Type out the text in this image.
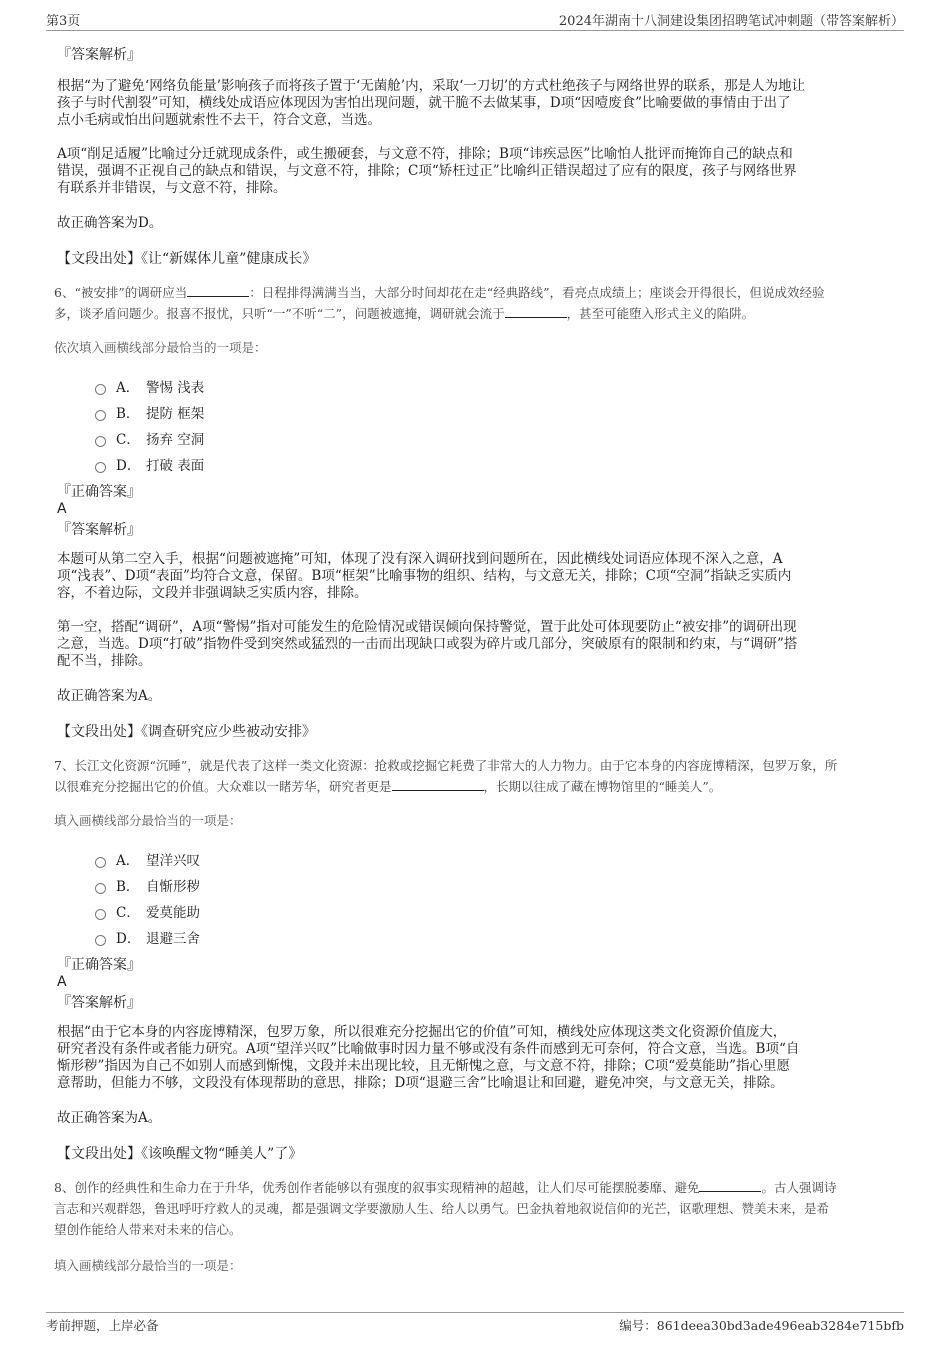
第3页	2024年湖南十八洞建设集团招聘笔试冲刺题（带答案解析）
『答案解析』
根据“为了避免‘网络负能量’影响孩子而将孩子置于‘无菌舱’内，采取‘一刀切’的方式杜绝孩子与网络世界的联系，那是人为地让
孩子与时代割裂”可知，横线处成语应体现因为害怕出现问题，就干脆不去做某事，D项“因噎废食”比喻要做的事情由于出了
点小毛病或怕出问题就索性不去干，符合文意，当选。
A项“削足适履”比喻过分迁就现成条件，或生搬硬套，与文意不符，排除；B项“讳疾忌医”比喻怕人批评而掩饰自己的缺点和
错误，强调不正视自己的缺点和错误，与文意不符，排除；C项“矫枉过正”比喻纠正错误超过了应有的限度，孩子与网络世界
有联系并非错误，与文意不符，排除。
故正确答案为D。
【文段出处】《让“新媒体儿童”健康成长》
6、“被安排”的调研应当	：日程排得满满当当，大部分时间却花在走“经典路线”，看亮点成绩上；座谈会开得很长，但说成效经验
多，谈矛盾问题少。报喜不报忧，只听“一”不听“二”，问题被遮掩，调研就会流于	，甚至可能堕入形式主义的陷阱。
依次填入画横线部分最恰当的一项是：
A． 警惕 浅表
B． 提防 框架
C． 扬弃 空洞
D． 打破 表面
『正确答案』
A
『答案解析』
本题可从第二空入手，根据“问题被遮掩”可知，体现了没有深入调研找到问题所在，因此横线处词语应体现不深入之意，A
项“浅表”、D项“表面”均符合文意，保留。B项“框架”比喻事物的组织、结构，与文意无关，排除；C项“空洞”指缺乏实质内
容，不着边际，文段并非强调缺乏实质内容，排除。
第一空，搭配“调研”，A项“警惕”指对可能发生的危险情况或错误倾向保持警觉，置于此处可体现要防止“被安排”的调研出现
之意，当选。D项“打破”指物件受到突然或猛烈的一击而出现缺口或裂为碎片或几部分，突破原有的限制和约束，与“调研”搭
配不当，排除。
故正确答案为A。
【文段出处】《调查研究应少些被动安排》
7、长江文化资源“沉睡”，就是代表了这样一类文化资源：抢救或挖掘它耗费了非常大的人力物力。由于它本身的内容庞博精深，包罗万象，所
以很难充分挖掘出它的价值。大众难以一睹芳华，研究者更是	，长期以往成了藏在博物馆里的“睡美人”。
填入画横线部分最恰当的一项是：
A． 望洋兴叹
B． 自惭形秽
C． 爱莫能助
D． 退避三舍
『正确答案』
A
『答案解析』
根据“由于它本身的内容庞博精深，包罗万象，所以很难充分挖掘出它的价值”可知，横线处应体现这类文化资源价值庞大，
研究者没有条件或者能力研究。A项“望洋兴叹”比喻做事时因力量不够或没有条件而感到无可奈何，符合文意，当选。B项“自
惭形秽”指因为自己不如别人而感到惭愧，文段并未出现比较，且无惭愧之意，与文意不符，排除；C项“爱莫能助”指心里愿
意帮助，但能力不够，文段没有体现帮助的意思，排除；D项“退避三舍”比喻退让和回避，避免冲突，与文意无关，排除。
故正确答案为A。
【文段出处】《该唤醒文物“睡美人”了》
8、创作的经典性和生命力在于升华，优秀创作者能够以有强度的叙事实现精神的超越，让人们尽可能摆脱萎靡、避免	。古人强调诗
言志和兴观群怨，鲁迅呼吁疗救人的灵魂，都是强调文学要激励人生、给人以勇气。巴金执着地叙说信仰的光芒，讴歌理想、赞美未来，是希
望创作能给人带来对未来的信心。
填入画横线部分最恰当的一项是：
考前押题，上岸必备	编号：861deea30bd3ade496eab3284e715bfb
